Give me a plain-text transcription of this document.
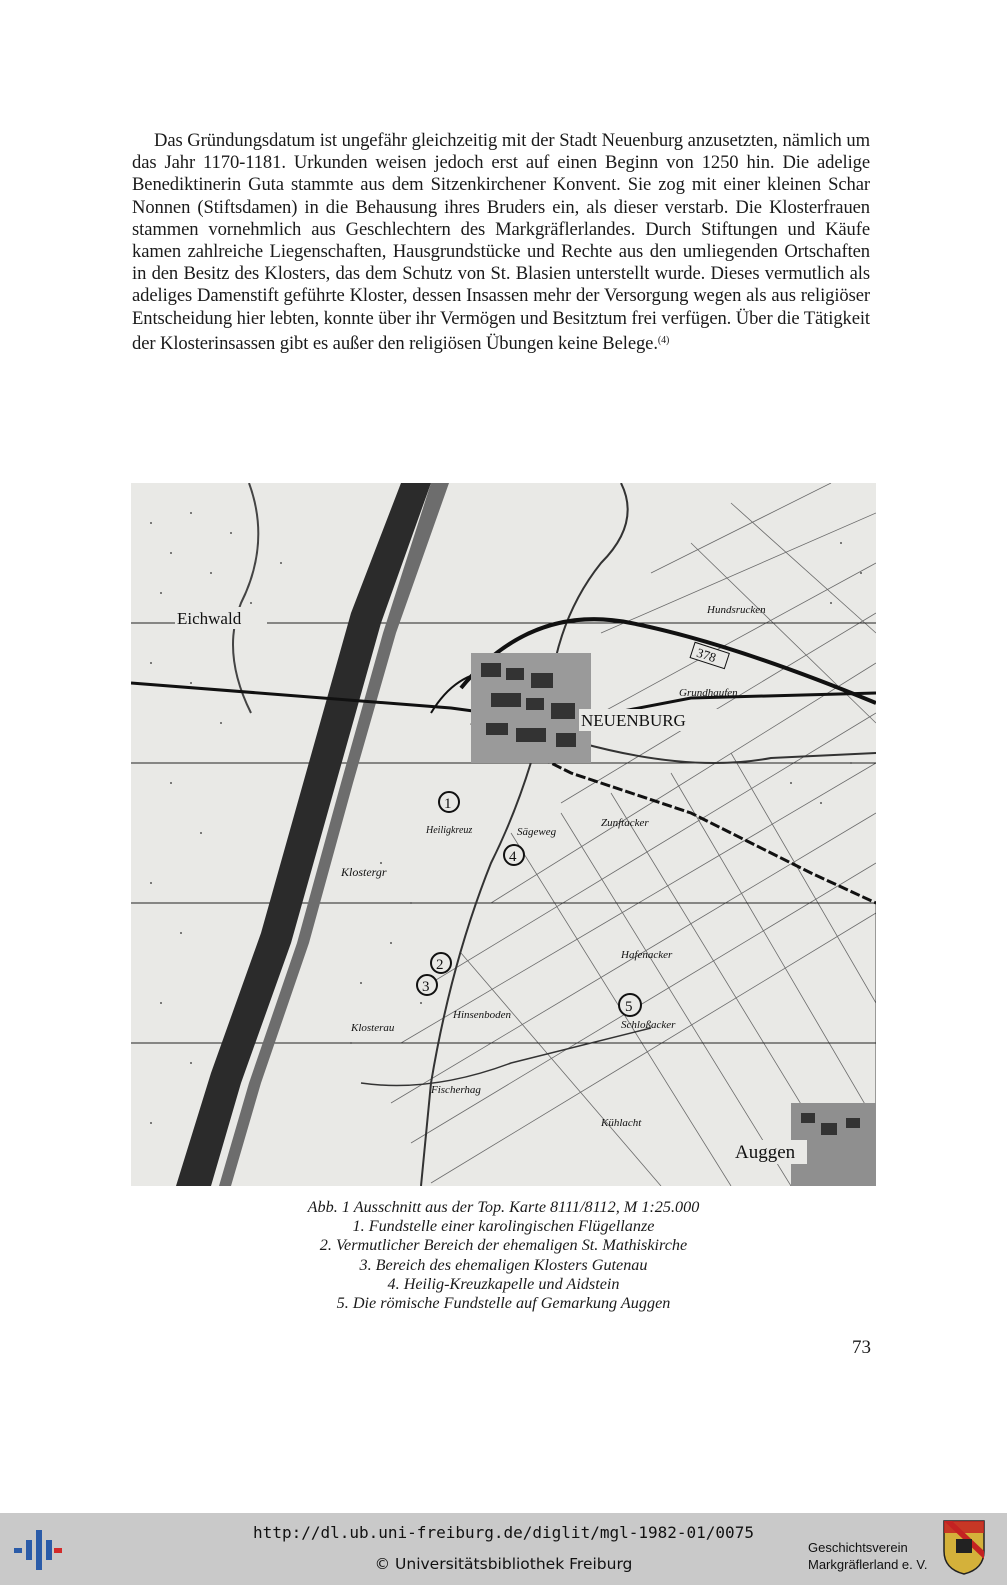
Das Gründungsdatum ist ungefähr gleichzeitig mit der Stadt Neuenburg anzusetzten, nämlich um das Jahr 1170-1181. Urkunden weisen jedoch erst auf einen Beginn von 1250 hin. Die adelige Benediktinerin Guta stammte aus dem Sitzenkirchener Konvent. Sie zog mit einer kleinen Schar Nonnen (Stiftsdamen) in die Behausung ihres Bruders ein, als dieser verstarb. Die Klosterfrauen stammen vornehmlich aus Geschlechtern des Markgräflerlandes. Durch Stiftungen und Käufe kamen zahlreiche Liegenschaften, Hausgrundstücke und Rechte aus den umliegenden Ortschaften in den Besitz des Klosters, das dem Schutz von St. Blasien unterstellt wurde. Dieses vermutlich als adeliges Damenstift geführte Kloster, dessen Insassen mehr der Versorgung wegen als aus religiöser Entscheidung hier lebten, konnte über ihr Vermögen und Besitztum frei verfügen. Über die Tätigkeit der Klosterinsassen gibt es außer den religiösen Übungen keine Belege.$^{(4)}$

Eichwald
NEUENBURG
Auggen
378
Klostergr
Klosterau
Hinsenboden
Fischerhag
Schloßacker
Hafenacker
Sägeweg
Zunftacker
Grundhaufen
Hundsrucken
Kühlacht
Heiligkreuz
1
4
2
3
5
Abb. 1 Ausschnitt aus der Top. Karte 8111/8112, M 1:25.000
1. Fundstelle einer karolingischen Flügellanze
2. Vermutlicher Bereich der ehemaligen St. Mathiskirche
3. Bereich des ehemaligen Klosters Gutenau
4. Heilig-Kreuzkapelle und Aidstein
5. Die römische Fundstelle auf Gemarkung Auggen
73
http://dl.ub.uni-freiburg.de/diglit/mgl-1982-01/0075
© Universitätsbibliothek Freiburg
Geschichtsverein
Markgräflerland e. V.
